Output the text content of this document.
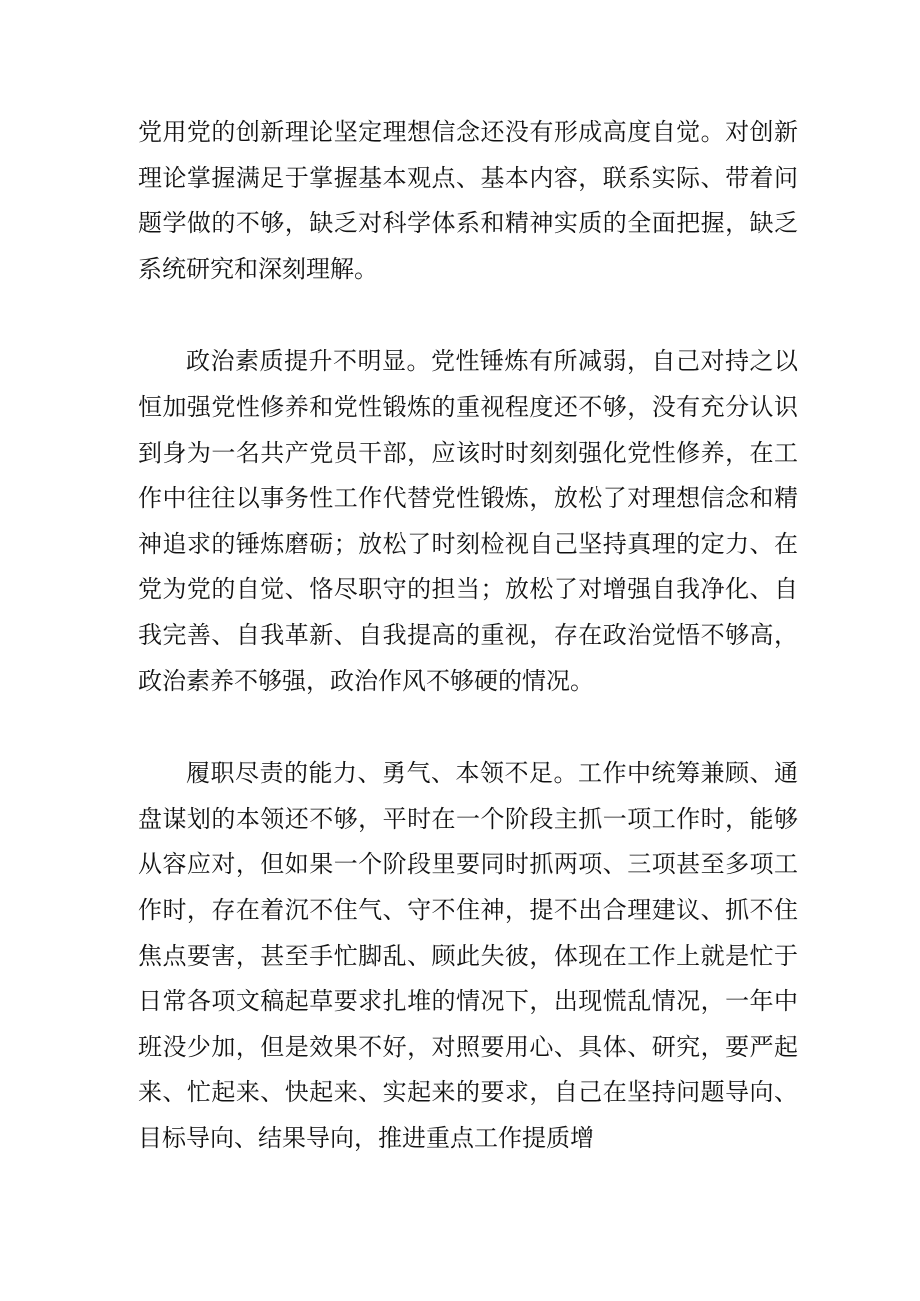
党用党的创新理论坚定理想信念还没有形成高度自觉。对创新理论掌握满足于掌握基本观点、基本内容，联系实际、带着问题学做的不够，缺乏对科学体系和精神实质的全面把握，缺乏系统研究和深刻理解。

政治素质提升不明显。党性锤炼有所减弱，自己对持之以恒加强党性修养和党性锻炼的重视程度还不够，没有充分认识到身为一名共产党员干部，应该时时刻刻强化党性修养，在工作中往往以事务性工作代替党性锻炼，放松了对理想信念和精神追求的锤炼磨砺；放松了时刻检视自己坚持真理的定力、在党为党的自觉、恪尽职守的担当；放松了对增强自我净化、自我完善、自我革新、自我提高的重视，存在政治觉悟不够高，政治素养不够强，政治作风不够硬的情况。

履职尽责的能力、勇气、本领不足。工作中统筹兼顾、通盘谋划的本领还不够，平时在一个阶段主抓一项工作时，能够从容应对，但如果一个阶段里要同时抓两项、三项甚至多项工作时，存在着沉不住气、守不住神，提不出合理建议、抓不住焦点要害，甚至手忙脚乱、顾此失彼，体现在工作上就是忙于日常各项文稿起草要求扎堆的情况下，出现慌乱情况，一年中班没少加，但是效果不好，对照要用心、具体、研究，要严起来、忙起来、快起来、实起来的要求，自己在坚持问题导向、目标导向、结果导向，推进重点工作提质增
